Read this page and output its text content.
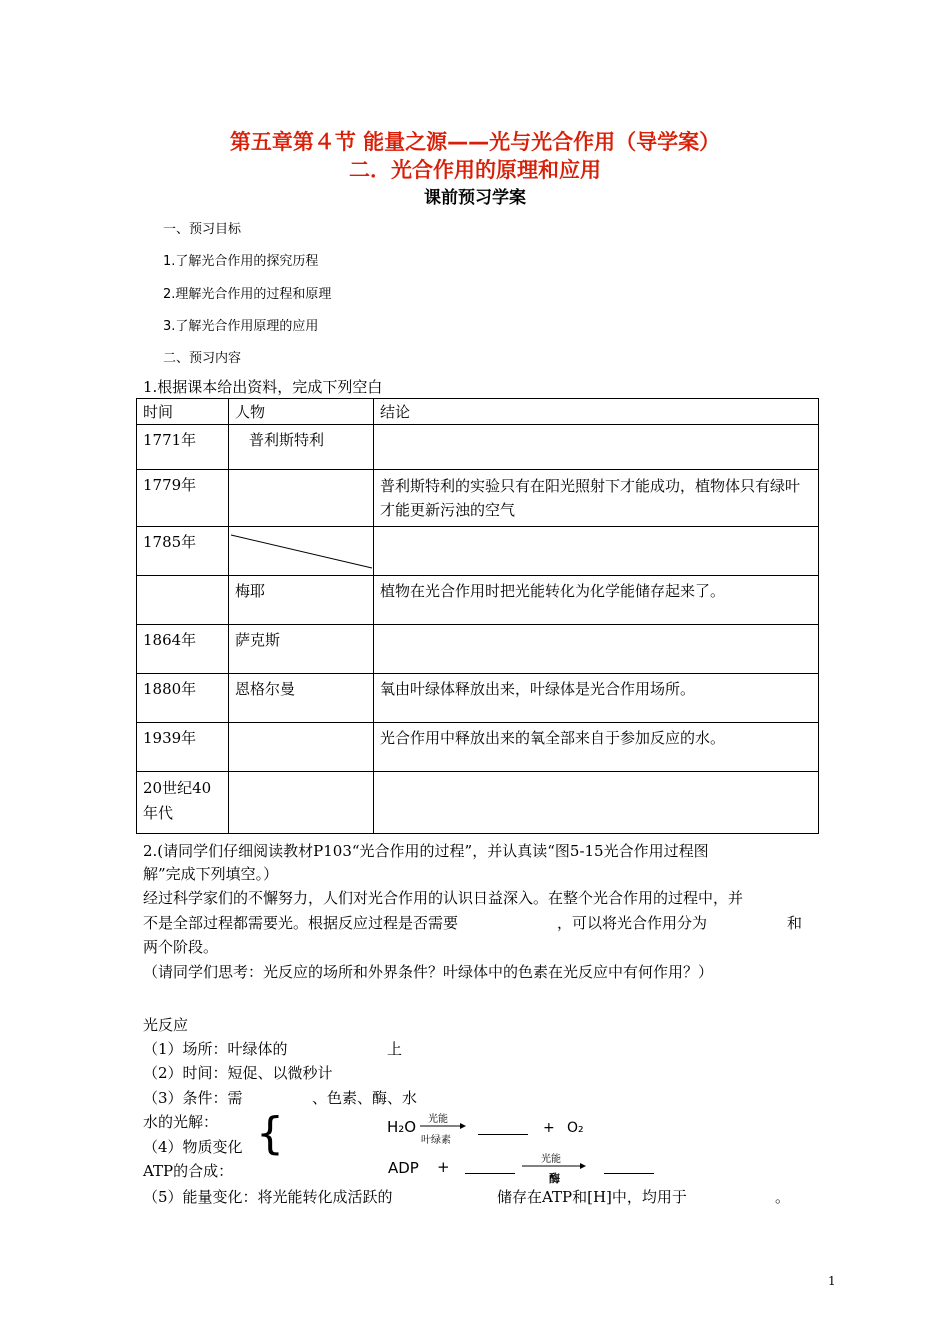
第五章第４节 能量之源——光与光合作用（导学案）
二．光合作用的原理和应用
课前预习学案
一、预习目标
1.了解光合作用的探究历程
2.理解光合作用的过程和原理
3.了解光合作用原理的应用
二、预习内容
1.根据课本给出资料，完成下列空白
时间	人物	结论
1771年	普利斯特利	
1779年		普利斯特利的实验只有在阳光照射下才能成功，植物体只有绿叶才能更新污浊的空气
1785年	

	梅耶	植物在光合作用时把光能转化为化学能储存起来了。
1864年	萨克斯	
1880年	恩格尔曼	氧由叶绿体释放出来，叶绿体是光合作用场所。
1939年		光合作用中释放出来的氧全部来自于参加反应的水。
20世纪40年代		
2.(请同学们仔细阅读教材P103“光合作用的过程”，并认真读“图5-15光合作用过程图
解”完成下列填空。）
经过科学家们的不懈努力，人们对光合作用的认识日益深入。在整个光合作用的过程中，并
不是全部过程都需要光。根据反应过程是否需要	，可以将光合作用分为	和
两个阶段。
（请同学们思考：光反应的场所和外界条件？叶绿体中的色素在光反应中有何作用？）
光反应
（1）场所：叶绿体的	上
（2）时间：短促、以微秒计
（3）条件：需	、色素、酶、水
水的光解：
（4）物质变化
ATP的合成：
{	H₂O 光能
叶绿素
+ O₂
ADP +	光能
酶
（5）能量变化：将光能转化成活跃的	储存在ATP和[H]中，均用于	。
1
